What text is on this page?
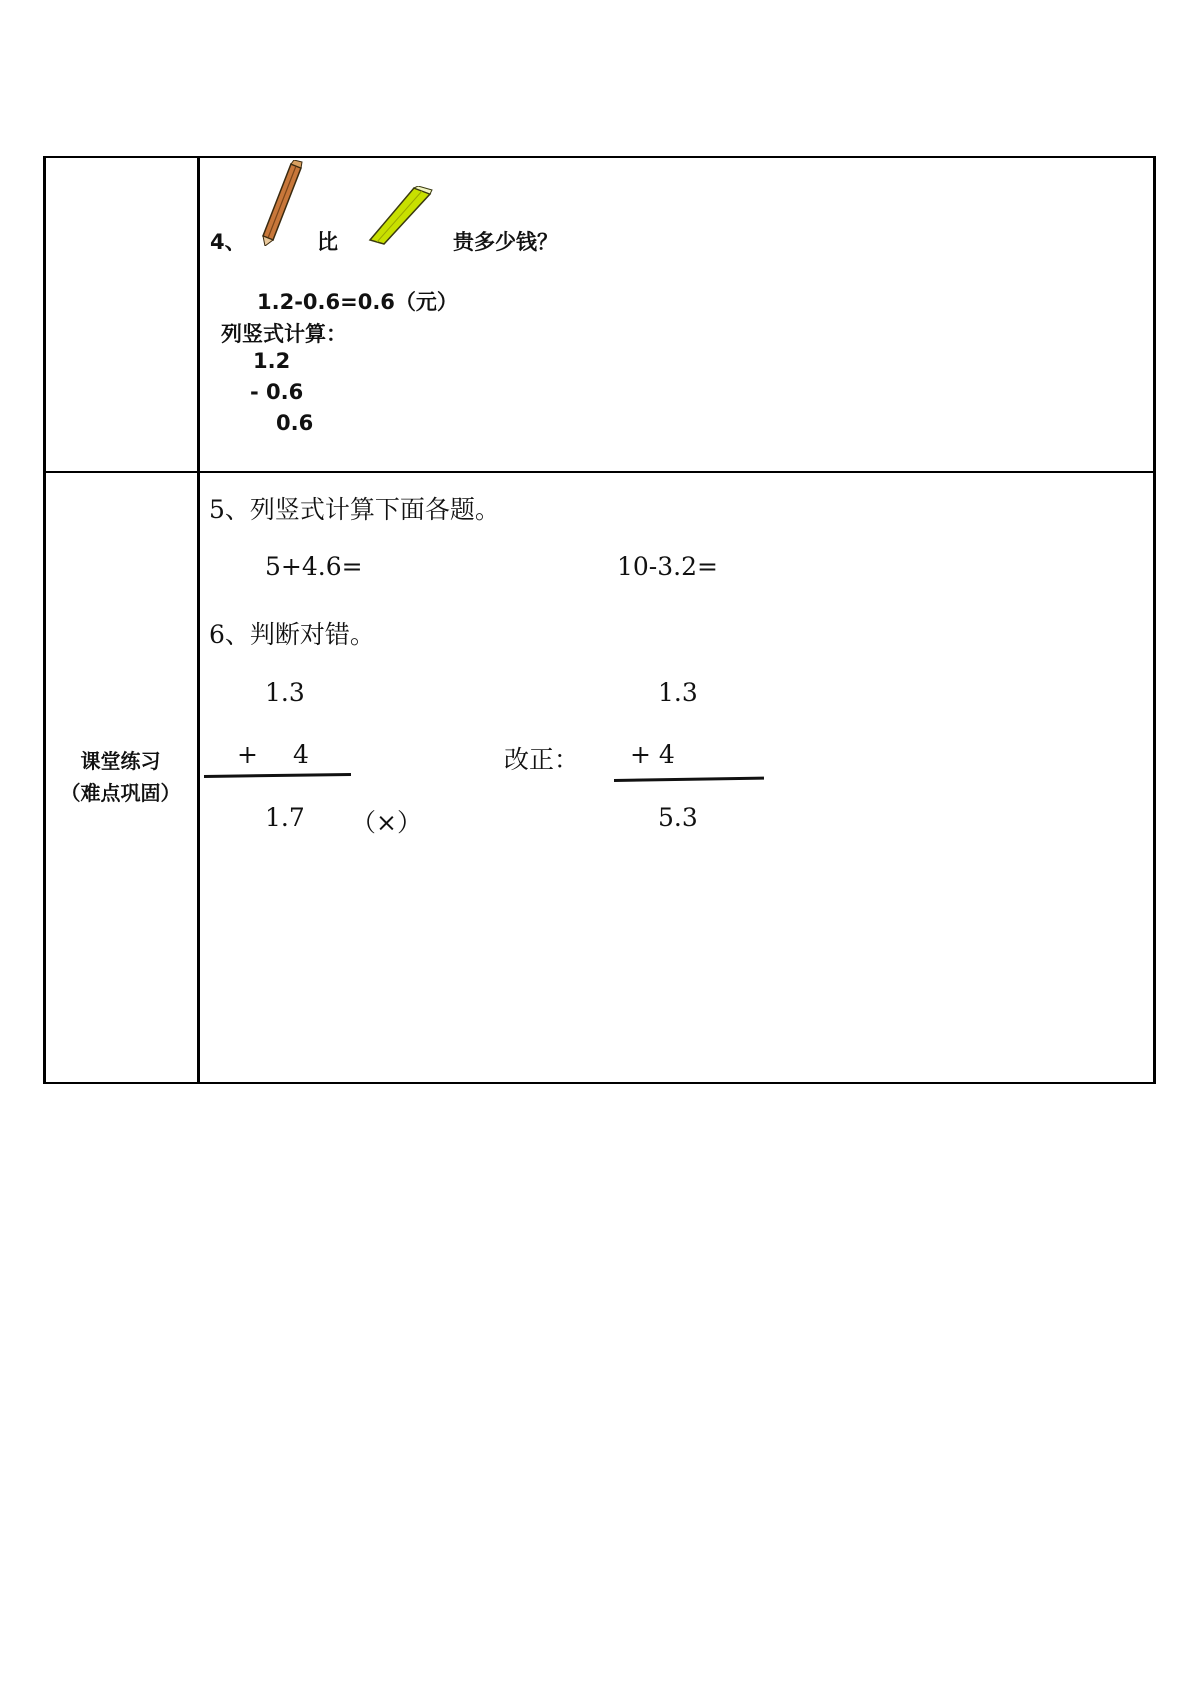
4、	比	贵多少钱？
1.2-0.6=0.6（元）
列竖式计算：
1.2
- 0.6
0.6
课堂练习
（难点巩固）
5、列竖式计算下面各题。
5+4.6=	10-3.2=
6、判断对错。
1.3
+ 4
1.7 （×）
改正：
1.3
+ 4
5.3
